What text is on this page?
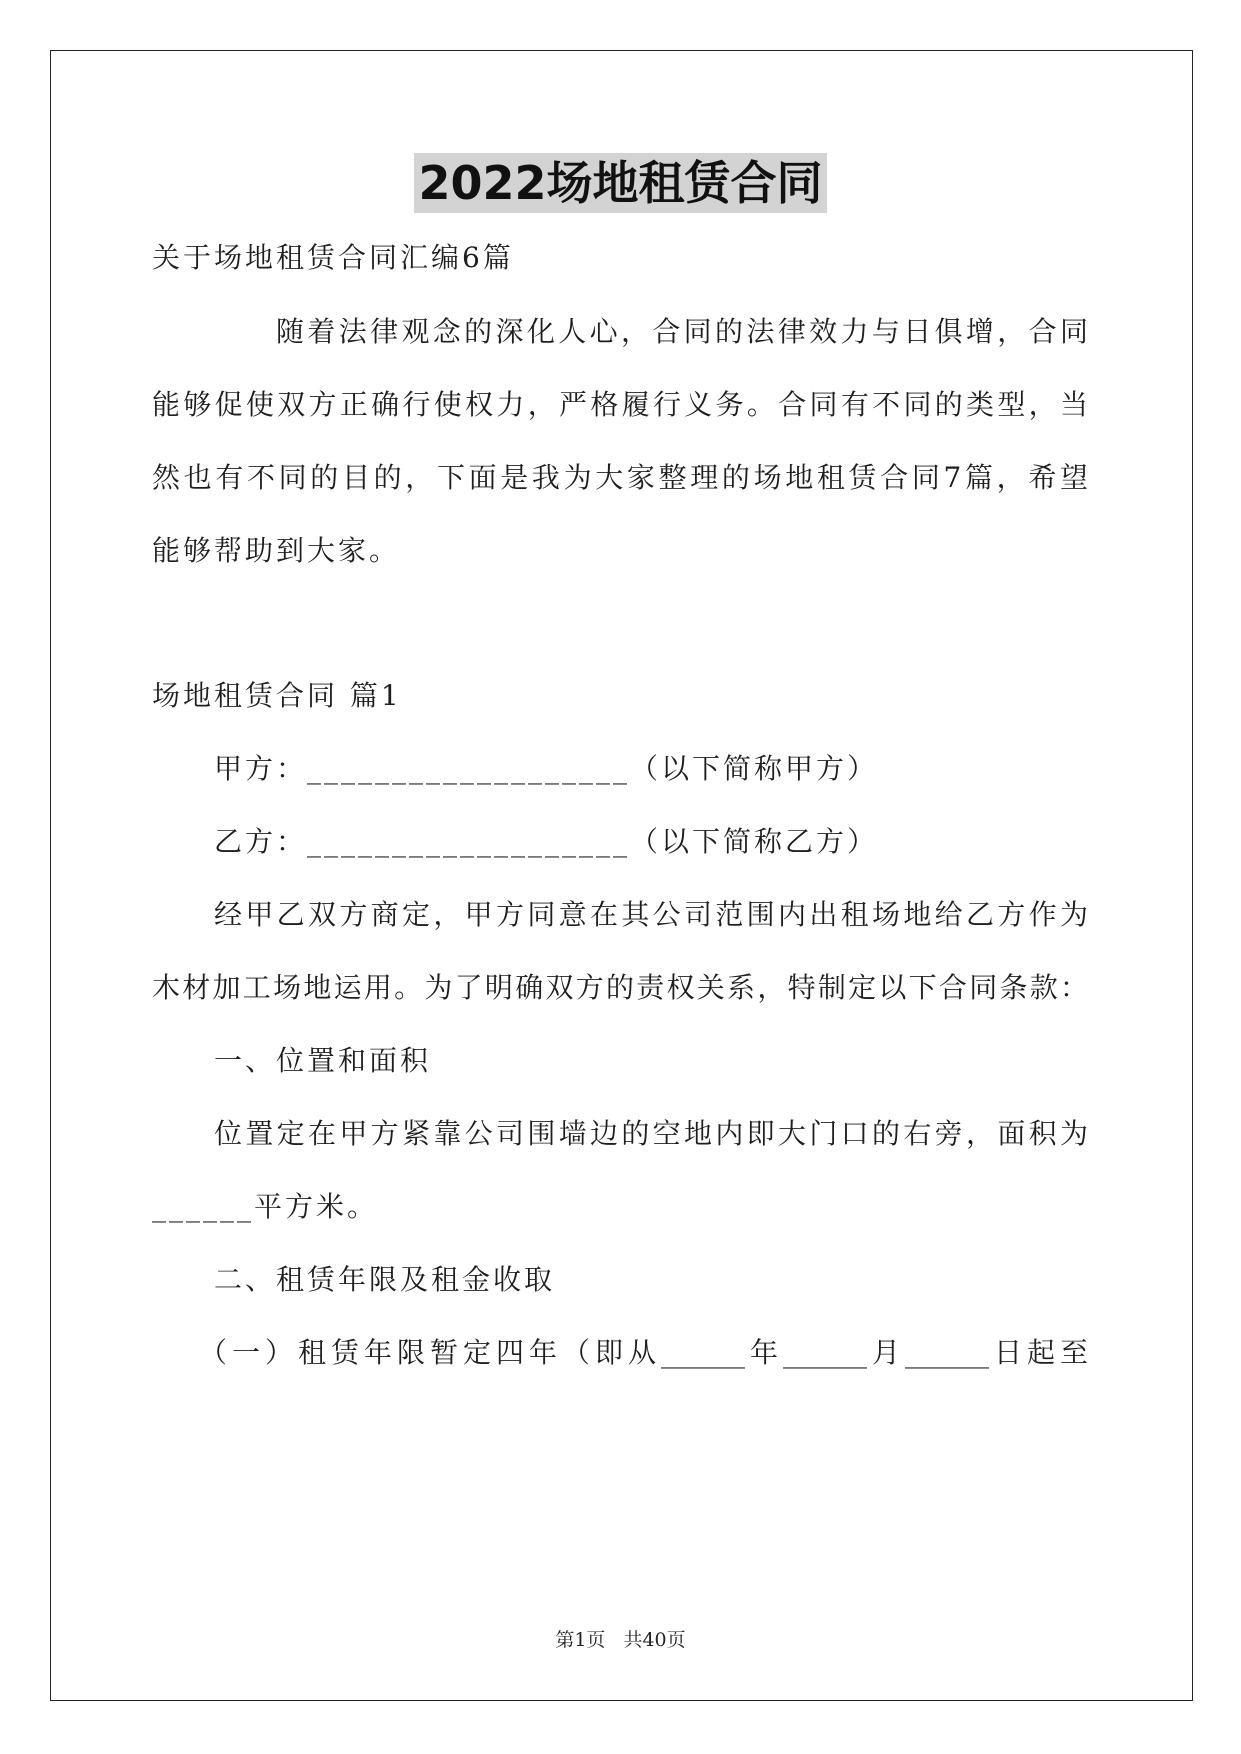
2022场地租赁合同
关于场地租赁合同汇编6篇
随着法律观念的深化人心，合同的法律效力与日俱增，合同
能够促使双方正确行使权力，严格履行义务。合同有不同的类型，当
然也有不同的目的，下面是我为大家整理的场地租赁合同7篇，希望
能够帮助到大家。
场地租赁合同 篇1
甲方：___________________（以下简称甲方）
乙方：___________________（以下简称乙方）
经甲乙双方商定，甲方同意在其公司范围内出租场地给乙方作为
木材加工场地运用。为了明确双方的责权关系，特制定以下合同条款：
一、位置和面积
位置定在甲方紧靠公司围墙边的空地内即大门口的右旁，面积为
______平方米。
二、租赁年限及租金收取
（一）租赁年限暂定四年（即从______年______月______日起至
第1页 共40页
